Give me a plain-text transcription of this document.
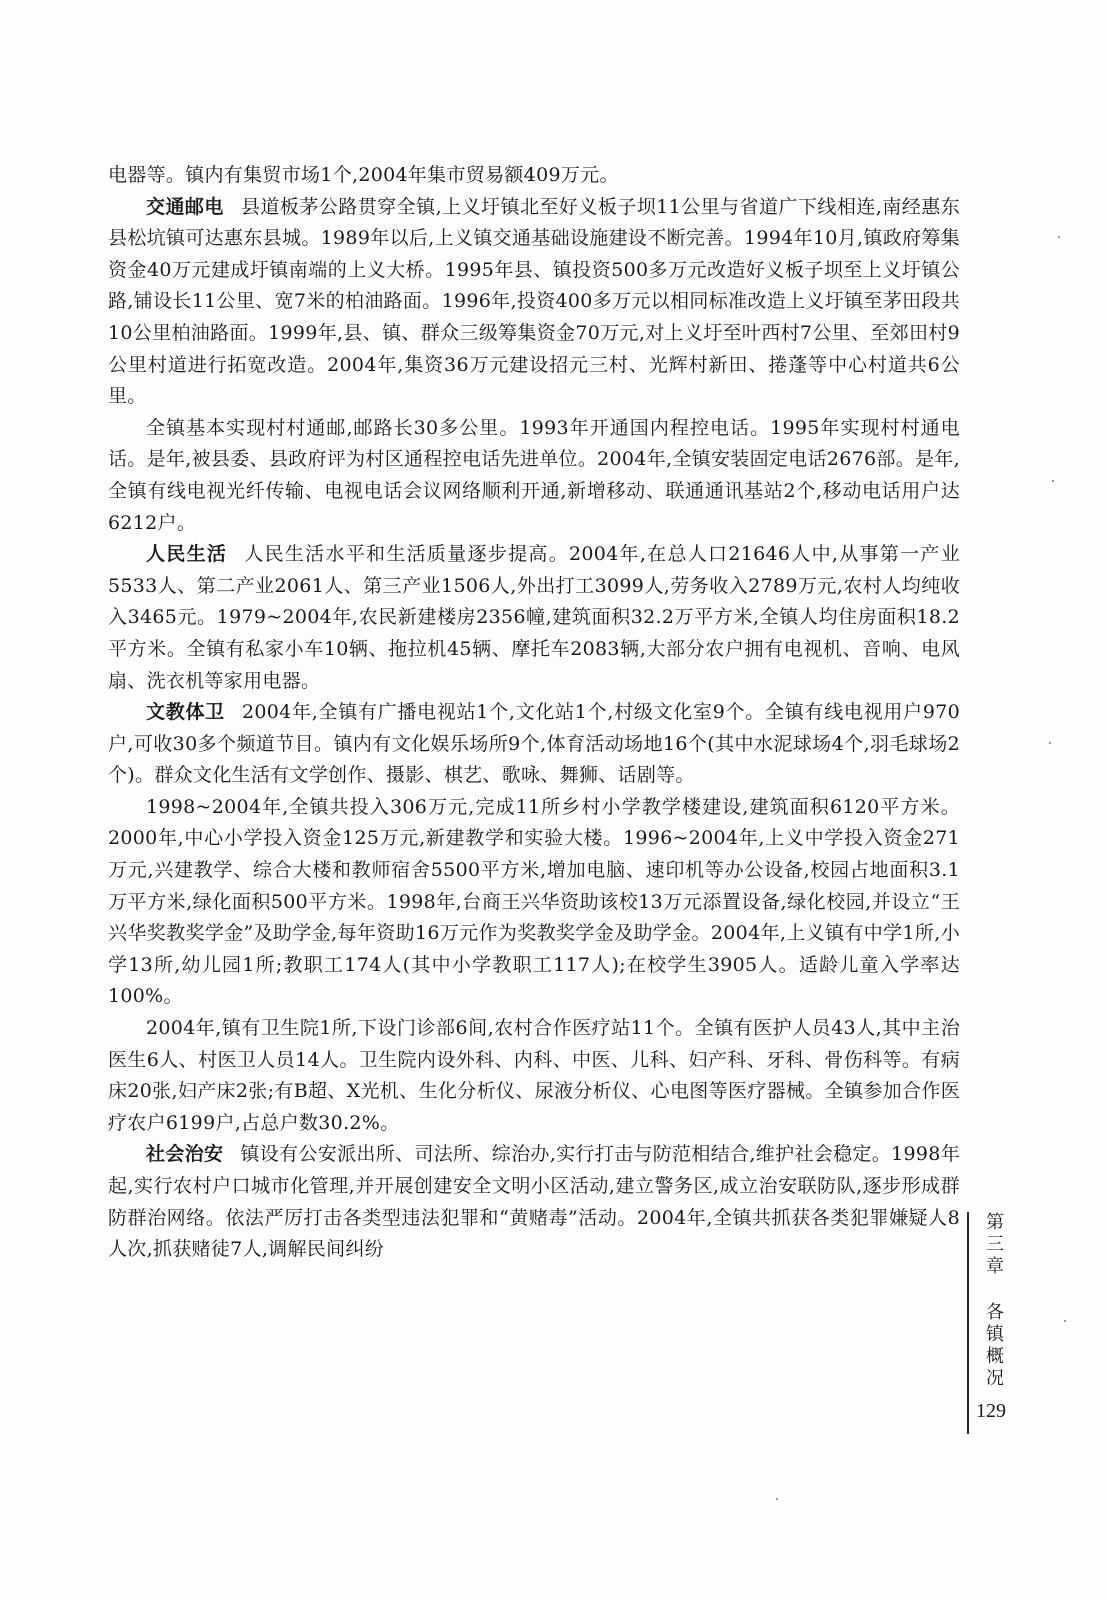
电器等。镇内有集贸市场1个,2004年集市贸易额409万元。

交通邮电 县道板茅公路贯穿全镇,上义圩镇北至好义板子坝11公里与省道广下线相连,南经惠东县松坑镇可达惠东县城。1989年以后,上义镇交通基础设施建设不断完善。1994年10月,镇政府筹集资金40万元建成圩镇南端的上义大桥。1995年县、镇投资500多万元改造好义板子坝至上义圩镇公路,铺设长11公里、宽7米的柏油路面。1996年,投资400多万元以相同标准改造上义圩镇至茅田段共10公里柏油路面。1999年,县、镇、群众三级筹集资金70万元,对上义圩至叶西村7公里、至郊田村9公里村道进行拓宽改造。2004年,集资36万元建设招元三村、光辉村新田、捲蓬等中心村道共6公里。

全镇基本实现村村通邮,邮路长30多公里。1993年开通国内程控电话。1995年实现村村通电话。是年,被县委、县政府评为村区通程控电话先进单位。2004年,全镇安装固定电话2676部。是年,全镇有线电视光纤传输、电视电话会议网络顺利开通,新增移动、联通通讯基站2个,移动电话用户达6212户。

人民生活 人民生活水平和生活质量逐步提高。2004年,在总人口21646人中,从事第一产业5533人、第二产业2061人、第三产业1506人,外出打工3099人,劳务收入2789万元,农村人均纯收入3465元。1979~2004年,农民新建楼房2356幢,建筑面积32.2万平方米,全镇人均住房面积18.2平方米。全镇有私家小车10辆、拖拉机45辆、摩托车2083辆,大部分农户拥有电视机、音响、电风扇、洗衣机等家用电器。

文教体卫 2004年,全镇有广播电视站1个,文化站1个,村级文化室9个。全镇有线电视用户970户,可收30多个频道节目。镇内有文化娱乐场所9个,体育活动场地16个(其中水泥球场4个,羽毛球场2个)。群众文化生活有文学创作、摄影、棋艺、歌咏、舞狮、话剧等。

1998~2004年,全镇共投入306万元,完成11所乡村小学教学楼建设,建筑面积6120平方米。2000年,中心小学投入资金125万元,新建教学和实验大楼。1996~2004年,上义中学投入资金271万元,兴建教学、综合大楼和教师宿舍5500平方米,增加电脑、速印机等办公设备,校园占地面积3.1万平方米,绿化面积500平方米。1998年,台商王兴华资助该校13万元添置设备,绿化校园,并设立“王兴华奖教奖学金”及助学金,每年资助16万元作为奖教奖学金及助学金。2004年,上义镇有中学1所,小学13所,幼儿园1所;教职工174人(其中小学教职工117人);在校学生3905人。适龄儿童入学率达100%。

2004年,镇有卫生院1所,下设门诊部6间,农村合作医疗站11个。全镇有医护人员43人,其中主治医生6人、村医卫人员14人。卫生院内设外科、内科、中医、儿科、妇产科、牙科、骨伤科等。有病床20张,妇产床2张;有B超、X光机、生化分析仪、尿液分析仪、心电图等医疗器械。全镇参加合作医疗农户6199户,占总户数30.2%。

社会治安 镇设有公安派出所、司法所、综治办,实行打击与防范相结合,维护社会稳定。1998年起,实行农村户口城市化管理,并开展创建安全文明小区活动,建立警务区,成立治安联防队,逐步形成群防群治网络。依法严厉打击各类型违法犯罪和“黄赌毒”活动。2004年,全镇共抓获各类犯罪嫌疑人8人次,抓获赌徒7人,调解民间纠纷

第三章
各镇概况
129
